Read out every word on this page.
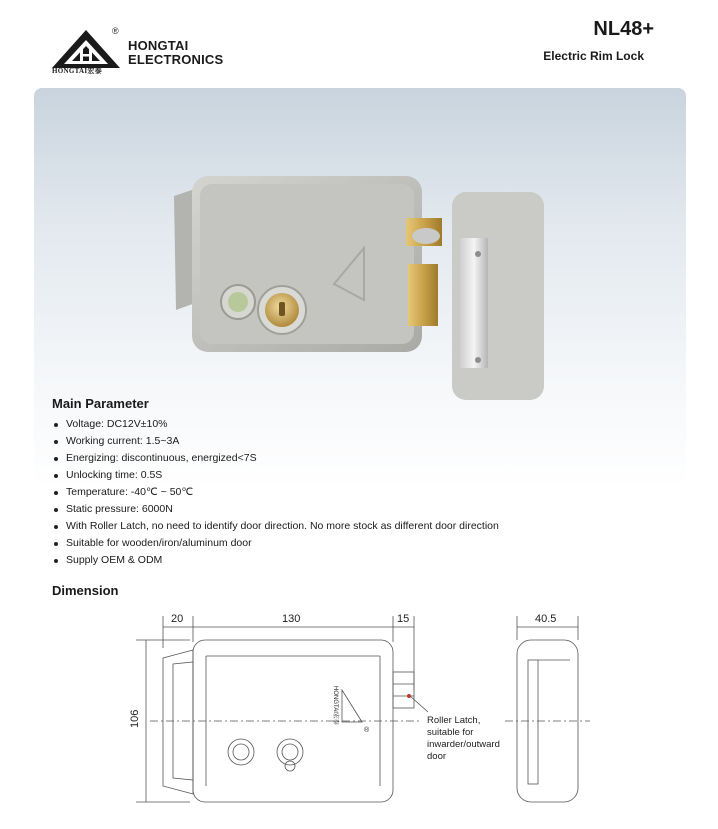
®
HONGTAI宏泰
HONGTAI
ELECTRONICS
NL48+
Electric Rim Lock
Main Parameter
Voltage: DC12V±10%
Working current: 1.5~3A
Energizing: discontinuous, energized<7S
Unlocking time: 0.5S
Temperature: -40℃ ~ 50℃
Static pressure: 6000N
With Roller Latch, no need to identify door direction. No more stock as different door direction
Suitable for wooden/iron/aluminum door
Supply OEM & ODM
Dimension
20	130	15	40.5
106	HONGTAI宏泰
®
Roller Latch,
suitable for
inwarder/outward
door
